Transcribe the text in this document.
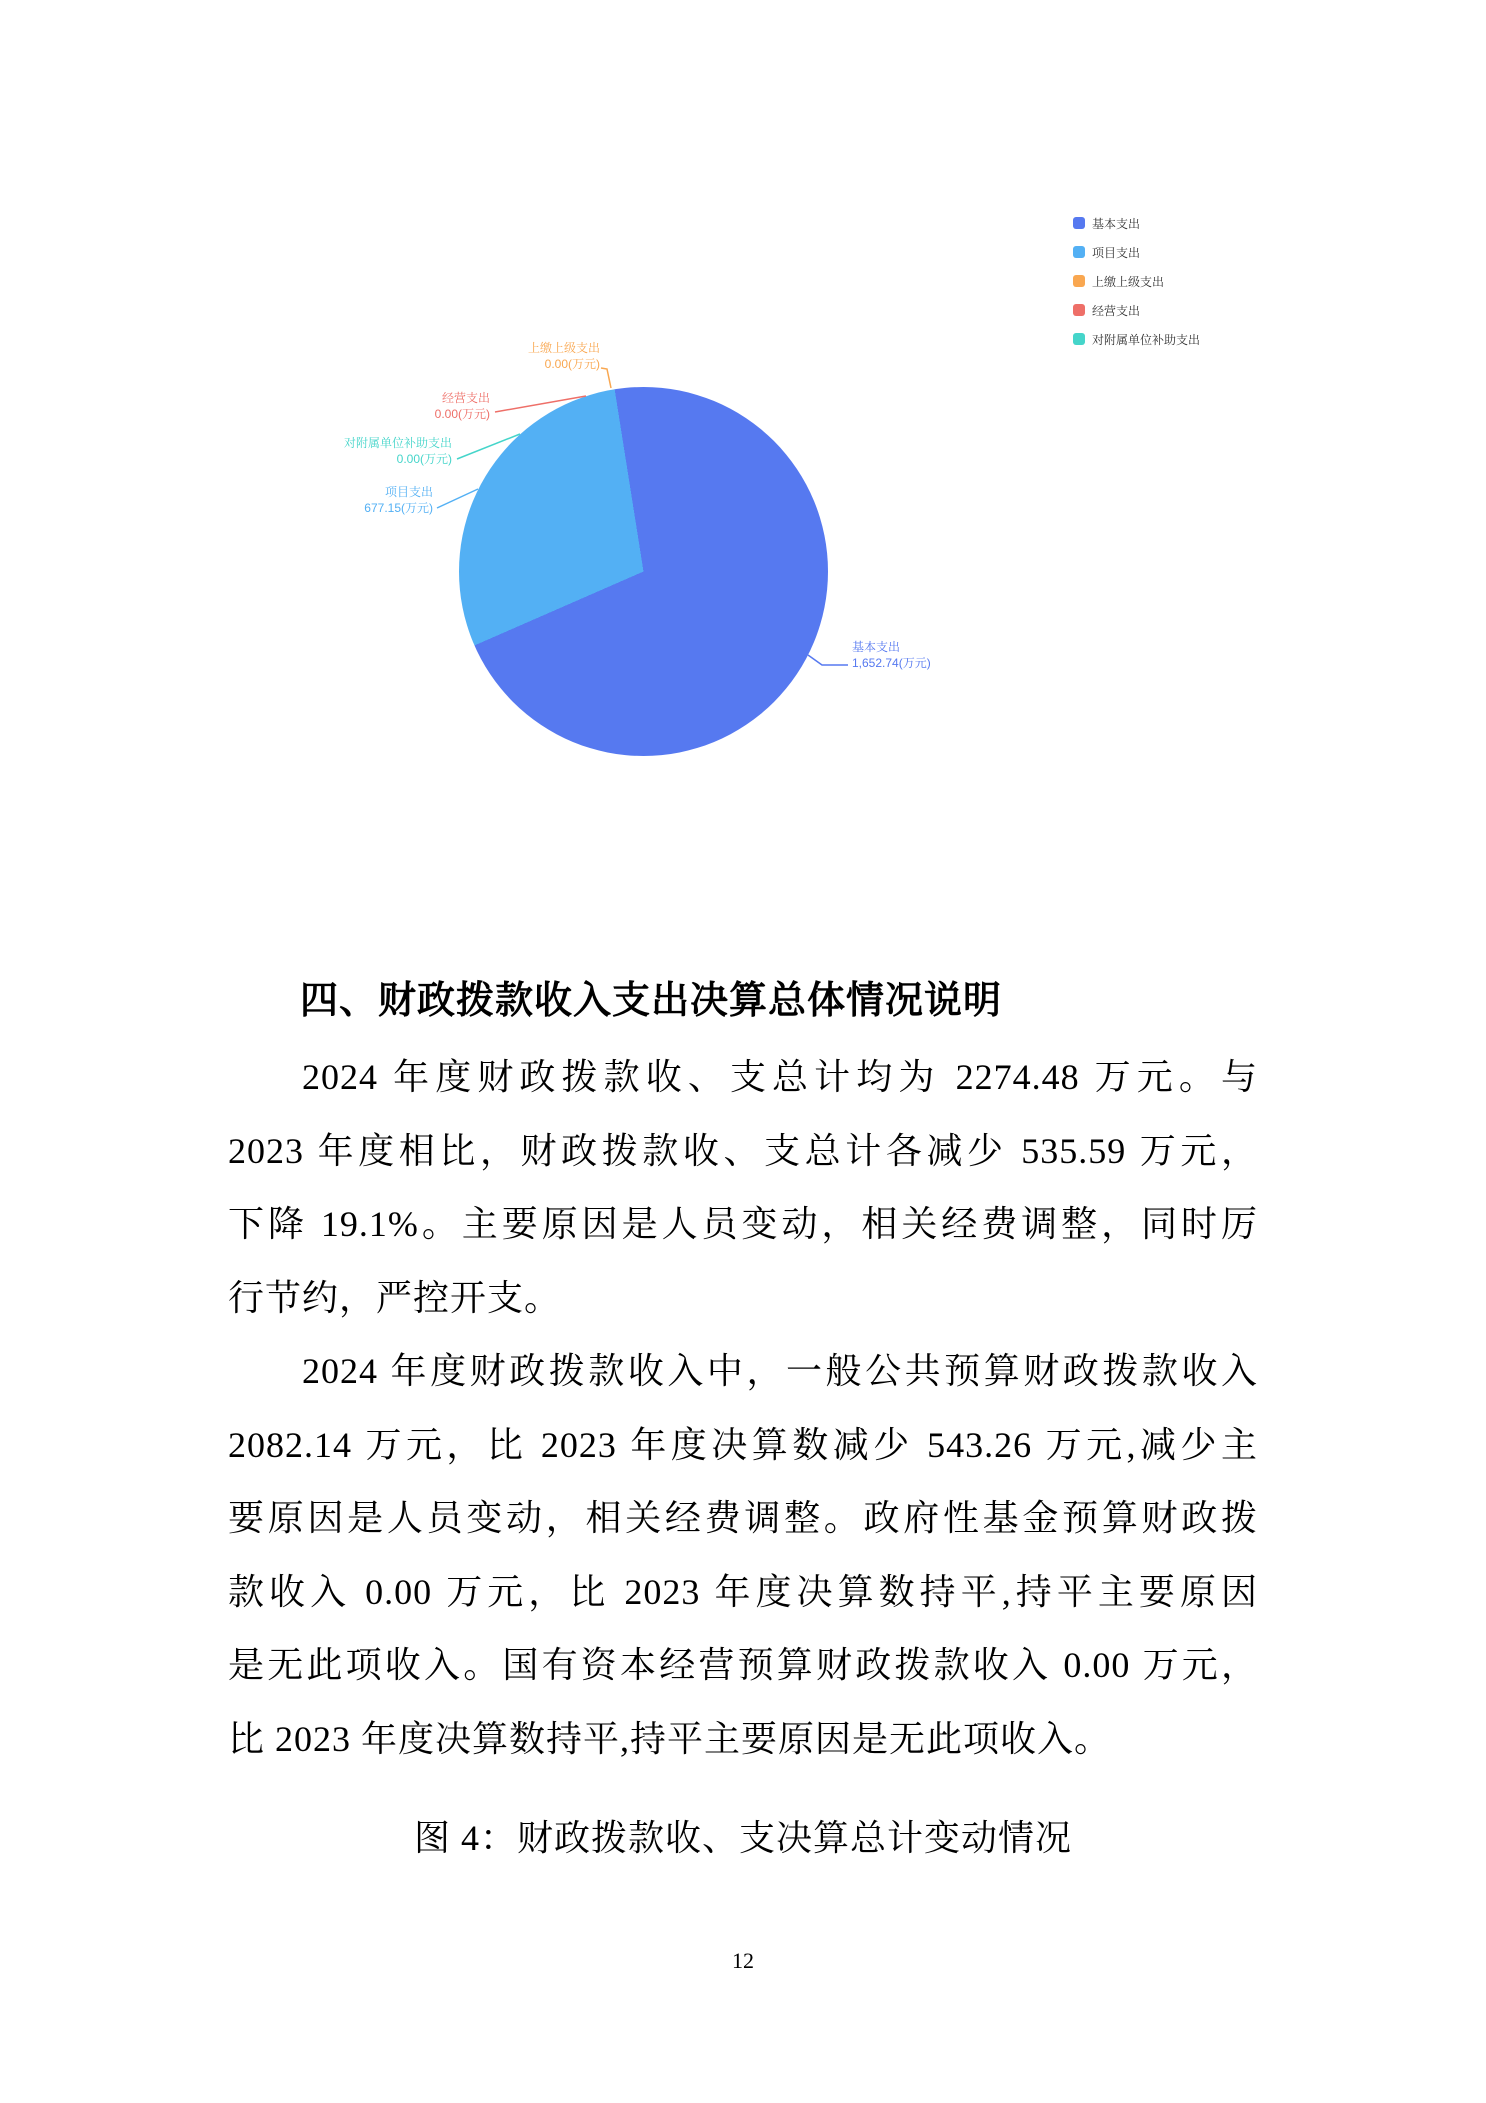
上缴上级支出
0.00(万元)
经营支出
0.00(万元)
对附属单位补助支出
0.00(万元)
项目支出
677.15(万元)
基本支出
1,652.74(万元)
基本支出
项目支出
上缴上级支出
经营支出
对附属单位补助支出
四、财政拨款收入支出决算总体情况说明
2024 年度财政拨款收、支总计均为 2274.48 万元。与
2023 年度相比，财政拨款收、支总计各减少 535.59 万元，
下降 19.1%。主要原因是人员变动，相关经费调整，同时厉
行节约，严控开支。
2024 年度财政拨款收入中，一般公共预算财政拨款收入
2082.14 万元，比 2023 年度决算数减少 543.26 万元,减少主
要原因是人员变动，相关经费调整。政府性基金预算财政拨
款收入 0.00 万元，比 2023 年度决算数持平,持平主要原因
是无此项收入。国有资本经营预算财政拨款收入 0.00 万元，
比 2023 年度决算数持平,持平主要原因是无此项收入。
图 4：财政拨款收、支决算总计变动情况
12
